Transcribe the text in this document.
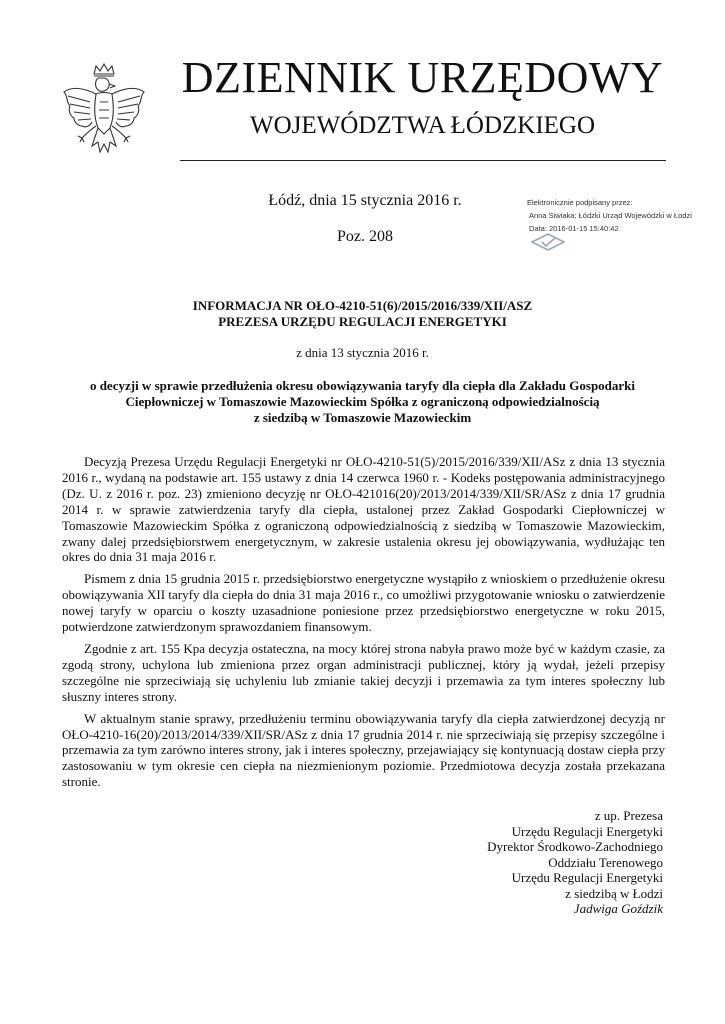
DZIENNIK URZĘDOWY
WOJEWÓDZTWA ŁÓDZKIEGO
Łódź, dnia 15 stycznia 2016 r.
Poz. 208
Elektronicznie podpisany przez:
Anna Siwiaka; Łódzki Urząd Wojewódzki w Łodzi
Data: 2016-01-15 15:40:42
INFORMACJA NR OŁO-4210-51(6)/2015/2016/339/XII/ASZ
PREZESA URZĘDU REGULACJI ENERGETYKI
z dnia 13 stycznia 2016 r.
o decyzji w sprawie przedłużenia okresu obowiązywania taryfy dla ciepła dla Zakładu Gospodarki
Ciepłowniczej w Tomaszowie Mazowieckim Spółka z ograniczoną odpowiedzialnością
z siedzibą w Tomaszowie Mazowieckim

Decyzją Prezesa Urzędu Regulacji Energetyki nr OŁO-4210-51(5)/2015/2016/339/XII/ASz z dnia 13 stycznia 2016 r., wydaną na podstawie art. 155 ustawy z dnia 14 czerwca 1960 r. - Kodeks postępowania administracyjnego (Dz. U. z 2016 r. poz. 23) zmieniono decyzję nr OŁO-421016(20)/2013/2014/339/XII/SR/ASz z dnia 17 grudnia 2014 r. w sprawie zatwierdzenia taryfy dla ciepła, ustalonej przez Zakład Gospodarki Ciepłowniczej w Tomaszowie Mazowieckim Spółka z ograniczoną odpowiedzialnością z siedzibą w Tomaszowie Mazowieckim, zwany dalej przedsiębiorstwem energetycznym, w zakresie ustalenia okresu jej obowiązywania, wydłużając ten okres do dnia 31 maja 2016 r.

Pismem z dnia 15 grudnia 2015 r. przedsiębiorstwo energetyczne wystąpiło z wnioskiem o przedłużenie okresu obowiązywania XII taryfy dla ciepła do dnia 31 maja 2016 r., co umożliwi przygotowanie wniosku o zatwierdzenie nowej taryfy w oparciu o koszty uzasadnione poniesione przez przedsiębiorstwo energetyczne w roku 2015, potwierdzone zatwierdzonym sprawozdaniem finansowym.

Zgodnie z art. 155 Kpa decyzja ostateczna, na mocy której strona nabyła prawo może być w każdym czasie, za zgodą strony, uchylona lub zmieniona przez organ administracji publicznej, który ją wydał, jeżeli przepisy szczególne nie sprzeciwiają się uchyleniu lub zmianie takiej decyzji i przemawia za tym interes społeczny lub słuszny interes strony.

W aktualnym stanie sprawy, przedłużeniu terminu obowiązywania taryfy dla ciepła zatwierdzonej decyzją nr OŁO-4210-16(20)/2013/2014/339/XII/SR/ASz z dnia 17 grudnia 2014 r. nie sprzeciwiają się przepisy szczególne i przemawia za tym zarówno interes strony, jak i interes społeczny, przejawiający się kontynuacją dostaw ciepła przy zastosowaniu w tym okresie cen ciepła na niezmienionym poziomie. Przedmiotowa decyzja została przekazana stronie.

z up. Prezesa
Urzędu Regulacji Energetyki
Dyrektor Środkowo-Zachodniego
Oddziału Terenowego
Urzędu Regulacji Energetyki
z siedzibą w Łodzi
Jadwiga Goździk
